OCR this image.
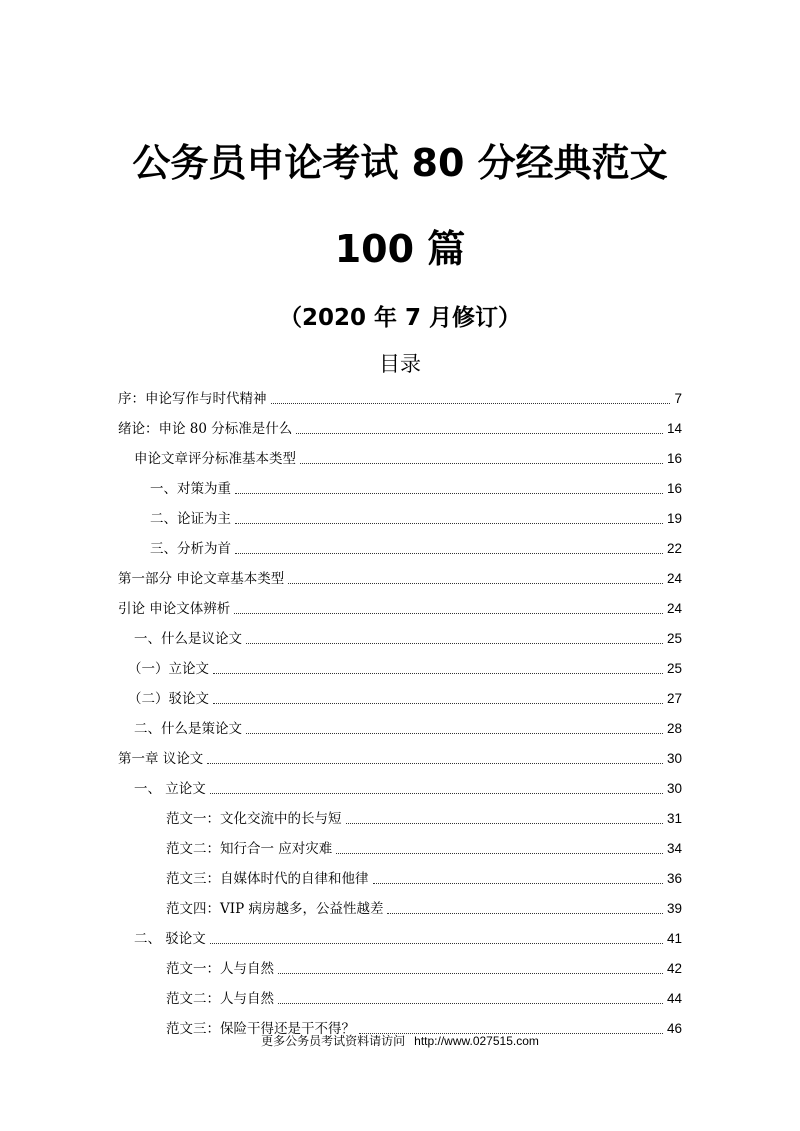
公务员申论考试 80 分经典范文
100 篇
（2020 年 7 月修订）
目录
序：申论写作与时代精神	7
绪论：申论 80 分标准是什么	14
申论文章评分标准基本类型	16
一、对策为重	16
二、论证为主	19
三、分析为首	22
第一部分 申论文章基本类型	24
引论 申论文体辨析	24
一、什么是议论文	25
（一）立论文	25
（二）驳论文	27
二、什么是策论文	28
第一章 议论文	30
一、 立论文	30
范文一：文化交流中的长与短	31
范文二：知行合一 应对灾难	34
范文三：自媒体时代的自律和他律	36
范文四：VIP 病房越多，公益性越差	39
二、 驳论文	41
范文一：人与自然	42
范文二：人与自然	44
范文三：保险干得还是干不得？	46
更多公务员考试资料请访问 http://www.027515.com
